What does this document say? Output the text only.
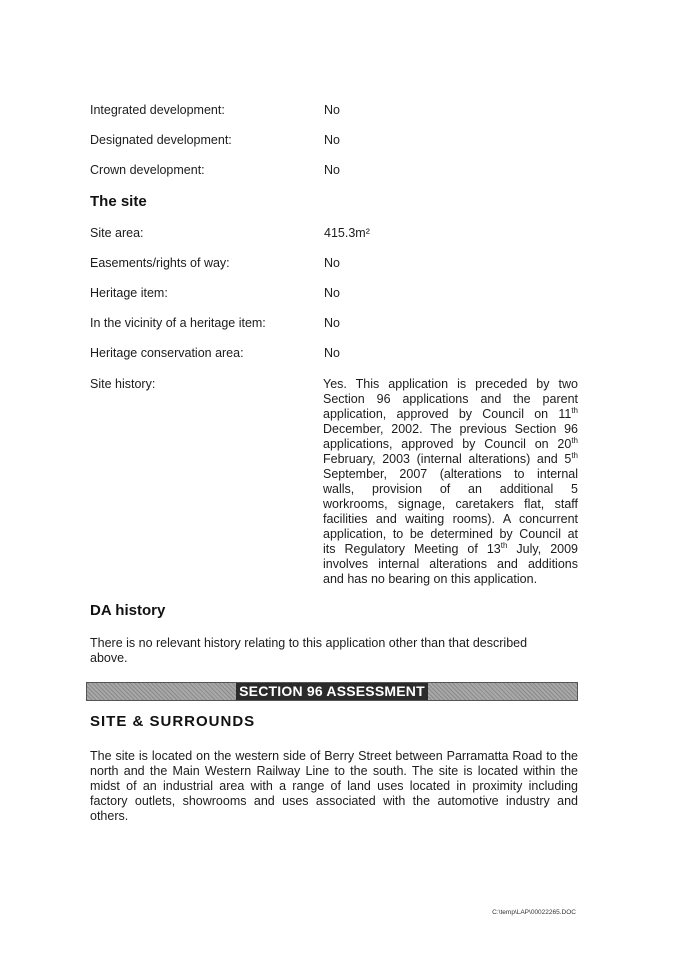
Integrated development:	No
Designated development:	No
Crown development:	No
The site
Site area:	415.3m²
Easements/rights of way:	No
Heritage item:	No
In the vicinity of a heritage item:	No
Heritage conservation area:	No
Site history:	Yes. This application is preceded by two
Section 96 applications and the parent
application, approved by Council on 11th
December, 2002. The previous Section 96
applications, approved by Council on 20th
February, 2003 (internal alterations) and 5th
September, 2007 (alterations to internal
walls, provision of an additional 5
workrooms, signage, caretakers flat, staff
facilities and waiting rooms). A concurrent
application, to be determined by Council at
its Regulatory Meeting of 13th July, 2009
involves internal alterations and additions
and has no bearing on this application.
DA history
There is no relevant history relating to this application other than that described above.
SECTION 96 ASSESSMENT
SITE & SURROUNDS
The site is located on the western side of Berry Street between Parramatta Road to the north and the Main Western Railway Line to the south. The site is located within the midst of an industrial area with a range of land uses located in proximity including factory outlets, showrooms and uses associated with the automotive industry and others.
C:\temp\LAP\00022265.DOC
